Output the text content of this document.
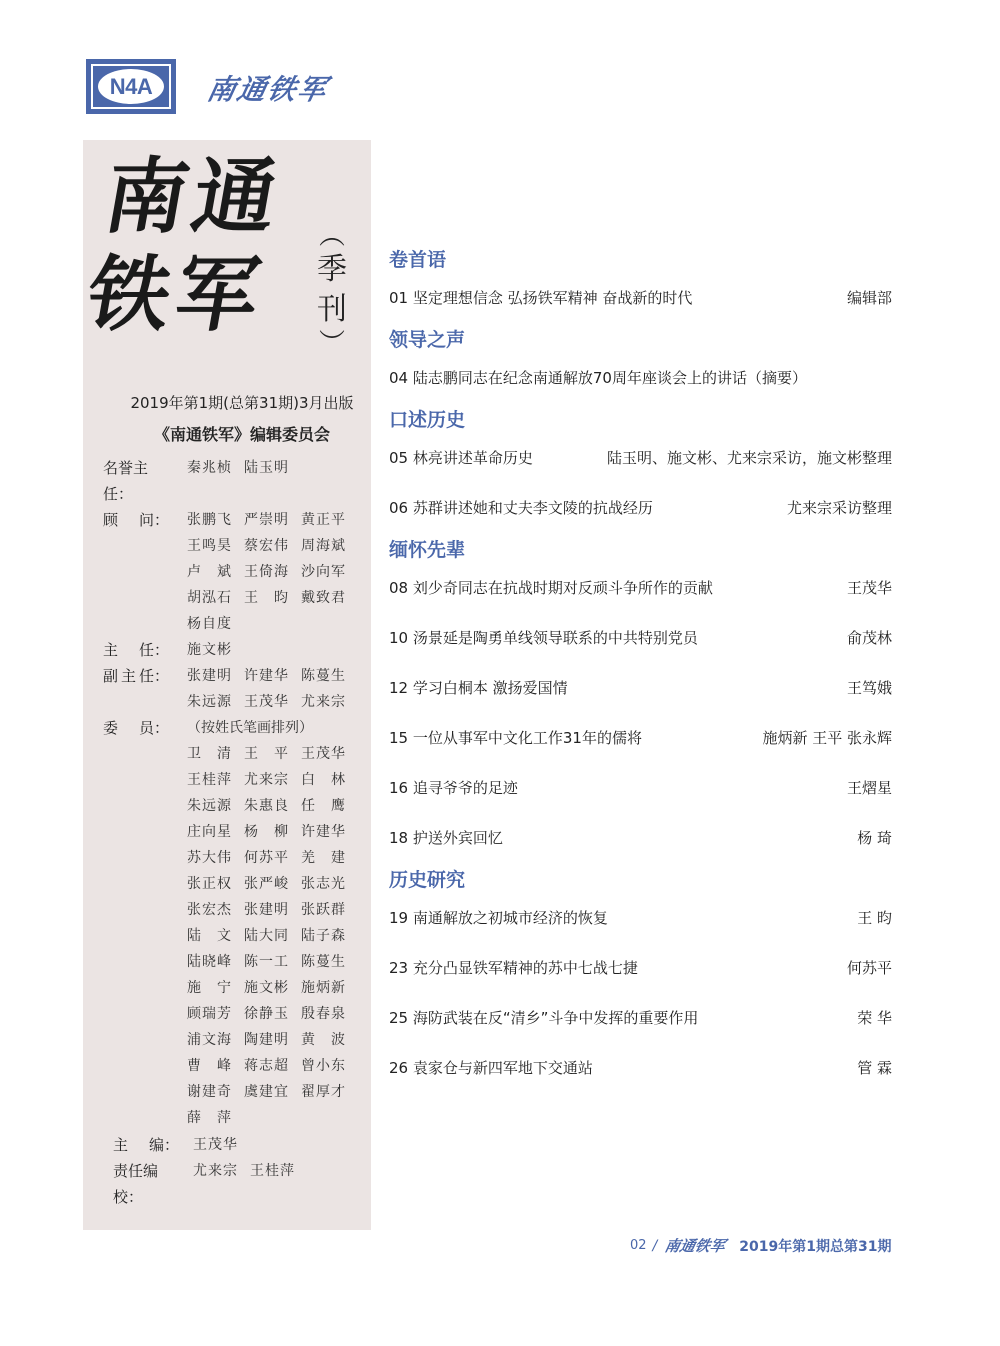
N4A 南通铁军
南通
铁军
︵
季
刊
︶
2019年第1期(总第31期)3月出版
《南通铁军》编辑委员会
名誉主任：
秦兆桢 陆玉明
顾 问： 张鹏飞 严崇明 黄正平
王鸣昊 蔡宏伟 周海斌
卢　斌 王倚海 沙向军
胡泓石 王　昀 戴致君
杨自度
主 任： 施文彬
副 主 任： 张建明 许建华 陈蔓生
朱远源 王茂华 尤来宗
委 员： （按姓氏笔画排列）
卫　清 王　平 王茂华
王桂萍 尤来宗 白　林
朱远源 朱惠良 任　鹰
庄向星 杨　柳 许建华
苏大伟 何苏平 羌　建
张正权 张严峻 张志光
张宏杰 张建明 张跃群
陆　文 陆大同 陆子森
陆晓峰 陈一工 陈蔓生
施　宁 施文彬 施炳新
顾瑞芳 徐静玉 殷春泉
浦文海 陶建明 黄　波
曹　峰 蒋志超 曾小东
谢建奇 虞建宜 翟厚才
薛　萍
主 编： 王茂华
责任编校：
尤来宗 王桂萍
卷首语
01 坚定理想信念 弘扬铁军精神 奋战新的时代	编辑部
领导之声
04 陆志鹏同志在纪念南通解放70周年座谈会上的讲话（摘要）
口述历史
05 林亮讲述革命历史	陆玉明、施文彬、尤来宗采访，施文彬整理
06 苏群讲述她和丈夫李文陵的抗战经历	尤来宗采访整理
缅怀先辈
08 刘少奇同志在抗战时期对反顽斗争所作的贡献	王茂华
10 汤景延是陶勇单线领导联系的中共特别党员	俞茂林
12 学习白桐本 激扬爱国情	王笃娥
15 一位从事军中文化工作31年的儒将	施炳新 王平 张永辉
16 追寻爷爷的足迹	王熠星
18 护送外宾回忆	杨 琦
历史研究
19 南通解放之初城市经济的恢复	王 昀
23 充分凸显铁军精神的苏中七战七捷	何苏平
25 海防武装在反“清乡”斗争中发挥的重要作用	荣 华
26 袁家仓与新四军地下交通站	管 霖
02 / 南通铁军 2019年第1期总第31期
